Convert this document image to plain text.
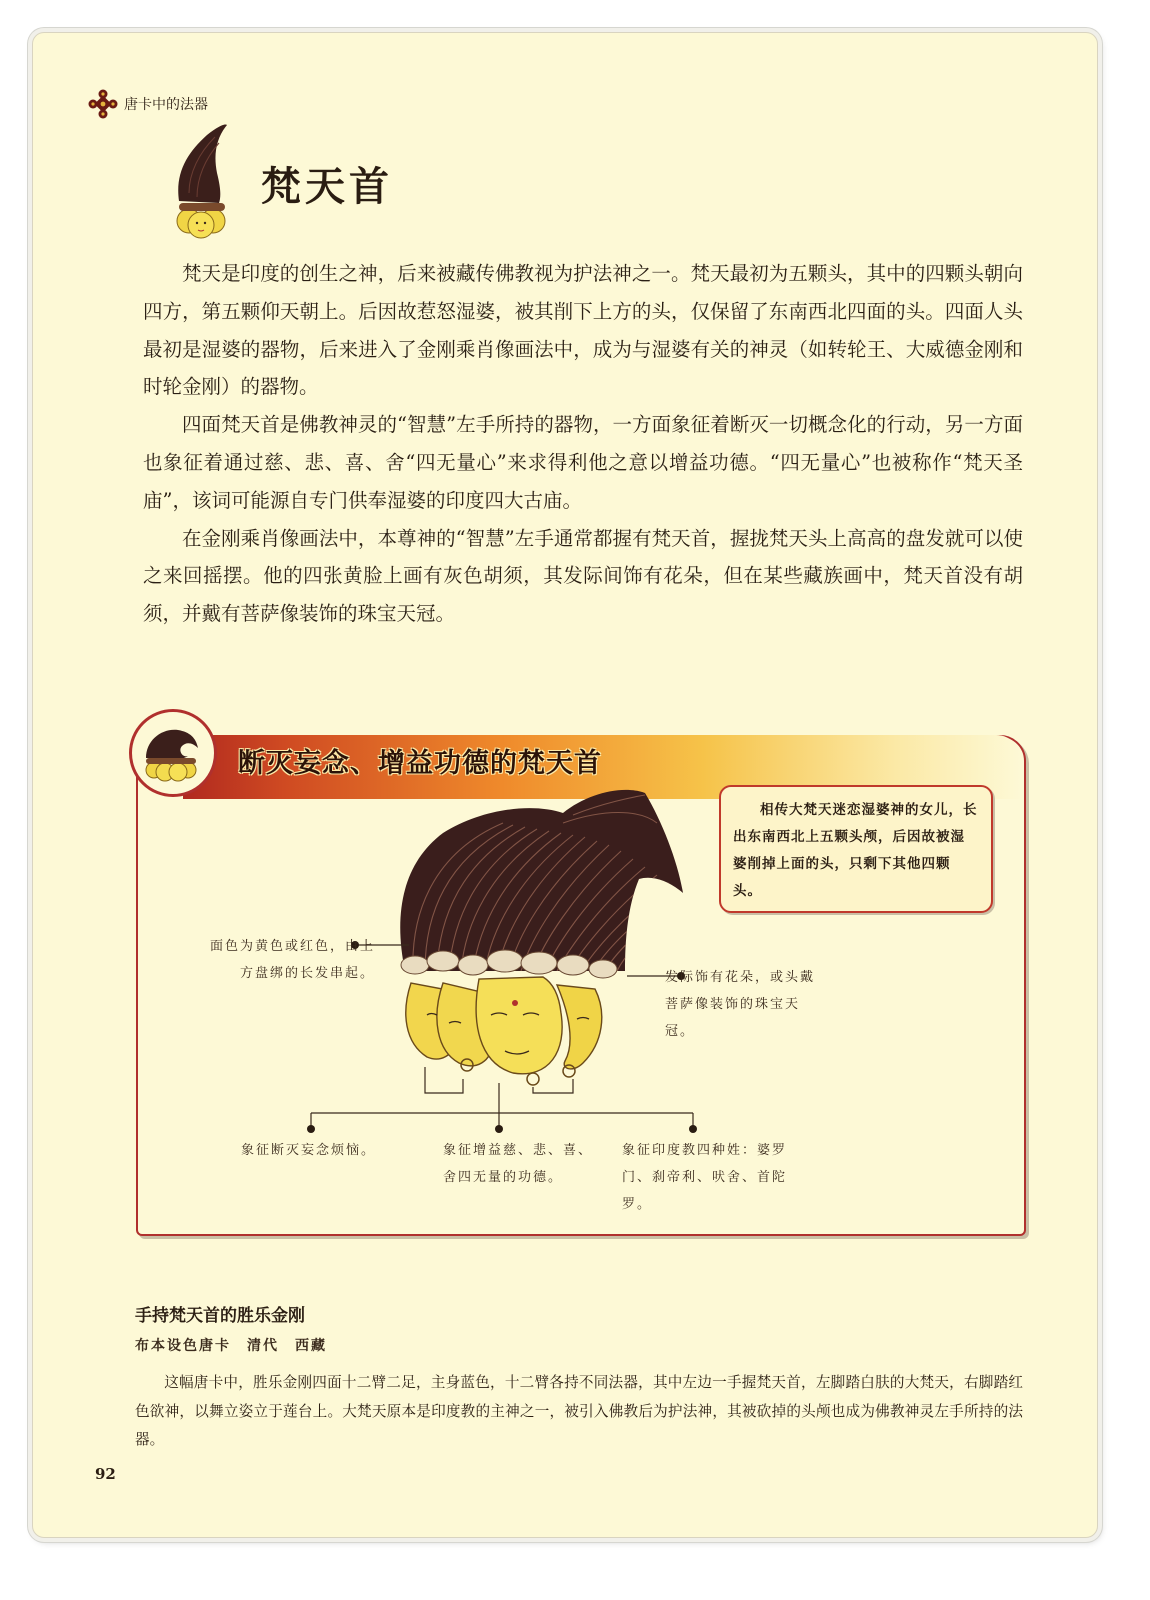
唐卡中的法器
梵天首

梵天是印度的创生之神，后来被藏传佛教视为护法神之一。梵天最初为五颗头，其中的四颗头朝向四方，第五颗仰天朝上。后因故惹怒湿婆，被其削下上方的头，仅保留了东南西北四面的头。四面人头最初是湿婆的器物，后来进入了金刚乘肖像画法中，成为与湿婆有关的神灵（如转轮王、大威德金刚和时轮金刚）的器物。

四面梵天首是佛教神灵的“智慧”左手所持的器物，一方面象征着断灭一切概念化的行动，另一方面也象征着通过慈、悲、喜、舍“四无量心”来求得利他之意以增益功德。“四无量心”也被称作“梵天圣庙”，该词可能源自专门供奉湿婆的印度四大古庙。

在金刚乘肖像画法中，本尊神的“智慧”左手通常都握有梵天首，握拢梵天头上高高的盘发就可以使之来回摇摆。他的四张黄脸上画有灰色胡须，其发际间饰有花朵，但在某些藏族画中，梵天首没有胡须，并戴有菩萨像装饰的珠宝天冠。

断灭妄念、增益功德的梵天首
相传大梵天迷恋湿婆神的女儿，长出东南西北上五颗头颅，后因故被湿婆削掉上面的头，只剩下其他四颗头。
面色为黄色或红色，由上方盘绑的长发串起。	发际饰有花朵，或头戴菩萨像装饰的珠宝天冠。
象征断灭妄念烦恼。	象征增益慈、悲、喜、舍四无量的功德。
象征印度教四种姓：婆罗门、刹帝利、吠舍、首陀罗。
手持梵天首的胜乐金刚
布本设色唐卡　清代　西藏
这幅唐卡中，胜乐金刚四面十二臂二足，主身蓝色，十二臂各持不同法器，其中左边一手握梵天首，左脚踏白肤的大梵天，右脚踏红色欲神，以舞立姿立于莲台上。大梵天原本是印度教的主神之一，被引入佛教后为护法神，其被砍掉的头颅也成为佛教神灵左手所持的法器。
92
